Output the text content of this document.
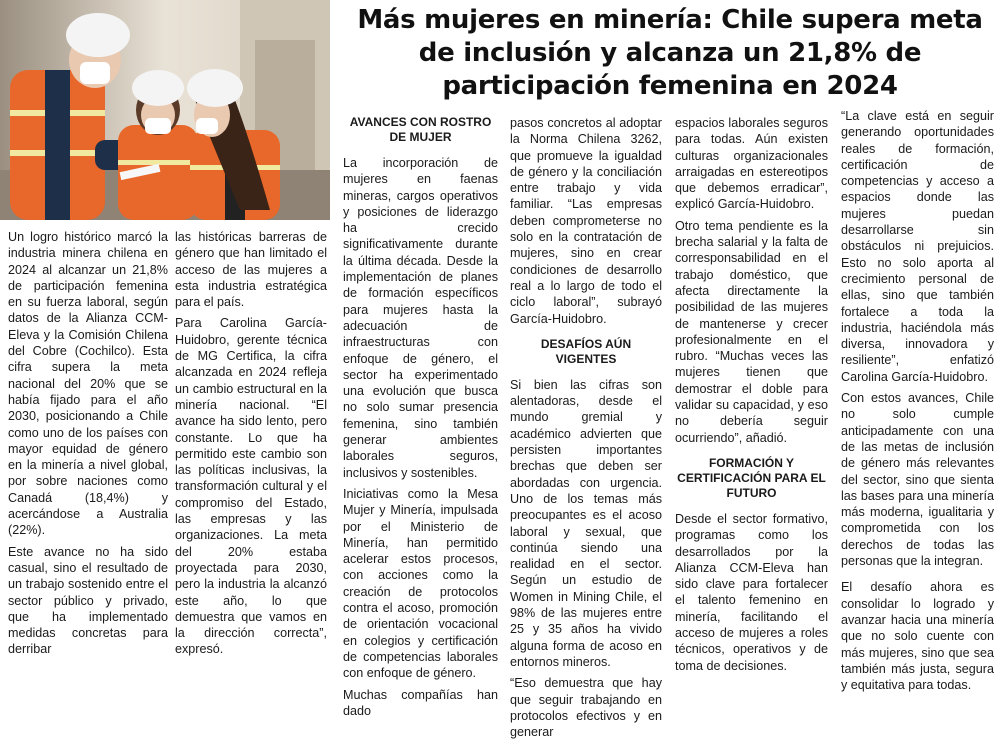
Más mujeres en minería: Chile supera meta de inclusión y alcanza un 21,8% de participación femenina en 2024

Un logro histórico marcó la industria minera chilena en 2024 al alcanzar un 21,8% de participación femenina en su fuerza laboral, según datos de la Alianza CCM-Eleva y la Comisión Chilena del Cobre (Cochilco). Esta cifra supera la meta nacional del 20% que se había fijado para el año 2030, posicionando a Chile como uno de los países con mayor equidad de género en la minería a nivel global, por sobre naciones como Canadá (18,4%) y acercándose a Australia (22%).

Este avance no ha sido casual, sino el resultado de un trabajo sostenido entre el sector público y privado, que ha implementado medidas concretas para derribar

las históricas barreras de género que han limitado el acceso de las mujeres a esta industria estratégica para el país.

Para Carolina García-Huidobro, gerente técnica de MG Certifica, la cifra alcanzada en 2024 refleja un cambio estructural en la minería nacional. “El avance ha sido lento, pero constante. Lo que ha permitido este cambio son las políticas inclusivas, la transformación cultural y el compromiso del Estado, las empresas y las organizaciones. La meta del 20% estaba proyectada para 2030, pero la industria la alcanzó este año, lo que demuestra que vamos en la dirección correcta”, expresó.

AVANCES CON ROSTRO DE MUJER

La incorporación de mujeres en faenas mineras, cargos operativos y posiciones de liderazgo ha crecido significativamente durante la última década. Desde la implementación de planes de formación específicos para mujeres hasta la adecuación de infraestructuras con enfoque de género, el sector ha experimentado una evolución que busca no solo sumar presencia femenina, sino también generar ambientes laborales seguros, inclusivos y sostenibles.

Iniciativas como la Mesa Mujer y Minería, impulsada por el Ministerio de Minería, han permitido acelerar estos procesos, con acciones como la creación de protocolos contra el acoso, promoción de orientación vocacional en colegios y certificación de competencias laborales con enfoque de género.

Muchas compañías han dado

pasos concretos al adoptar la Norma Chilena 3262, que promueve la igualdad de género y la conciliación entre trabajo y vida familiar. “Las empresas deben comprometerse no solo en la contratación de mujeres, sino en crear condiciones de desarrollo real a lo largo de todo el ciclo laboral”, subrayó García-Huidobro.

DESAFÍOS AÚN VIGENTES

Si bien las cifras son alentadoras, desde el mundo gremial y académico advierten que persisten importantes brechas que deben ser abordadas con urgencia. Uno de los temas más preocupantes es el acoso laboral y sexual, que continúa siendo una realidad en el sector. Según un estudio de Women in Mining Chile, el 98% de las mujeres entre 25 y 35 años ha vivido alguna forma de acoso en entornos mineros.

“Eso demuestra que hay que seguir trabajando en protocolos efectivos y en generar

espacios laborales seguros para todas. Aún existen culturas organizacionales arraigadas en estereotipos que debemos erradicar”, explicó García-Huidobro.

Otro tema pendiente es la brecha salarial y la falta de corresponsabilidad en el trabajo doméstico, que afecta directamente la posibilidad de las mujeres de mantenerse y crecer profesionalmente en el rubro. “Muchas veces las mujeres tienen que demostrar el doble para validar su capacidad, y eso no debería seguir ocurriendo”, añadió.

FORMACIÓN Y CERTIFICACIÓN PARA EL FUTURO

Desde el sector formativo, programas como los desarrollados por la Alianza CCM-Eleva han sido clave para fortalecer el talento femenino en minería, facilitando el acceso de mujeres a roles técnicos, operativos y de toma de decisiones.

“La clave está en seguir generando oportunidades reales de formación, certificación de competencias y acceso a espacios donde las mujeres puedan desarrollarse sin obstáculos ni prejuicios. Esto no solo aporta al crecimiento personal de ellas, sino que también fortalece a toda la industria, haciéndola más diversa, innovadora y resiliente”, enfatizó Carolina García-Huidobro.

Con estos avances, Chile no solo cumple anticipadamente con una de las metas de inclusión de género más relevantes del sector, sino que sienta las bases para una minería más moderna, igualitaria y comprometida con los derechos de todas las personas que la integran.

El desafío ahora es consolidar lo logrado y avanzar hacia una minería que no solo cuente con más mujeres, sino que sea también más justa, segura y equitativa para todas.
